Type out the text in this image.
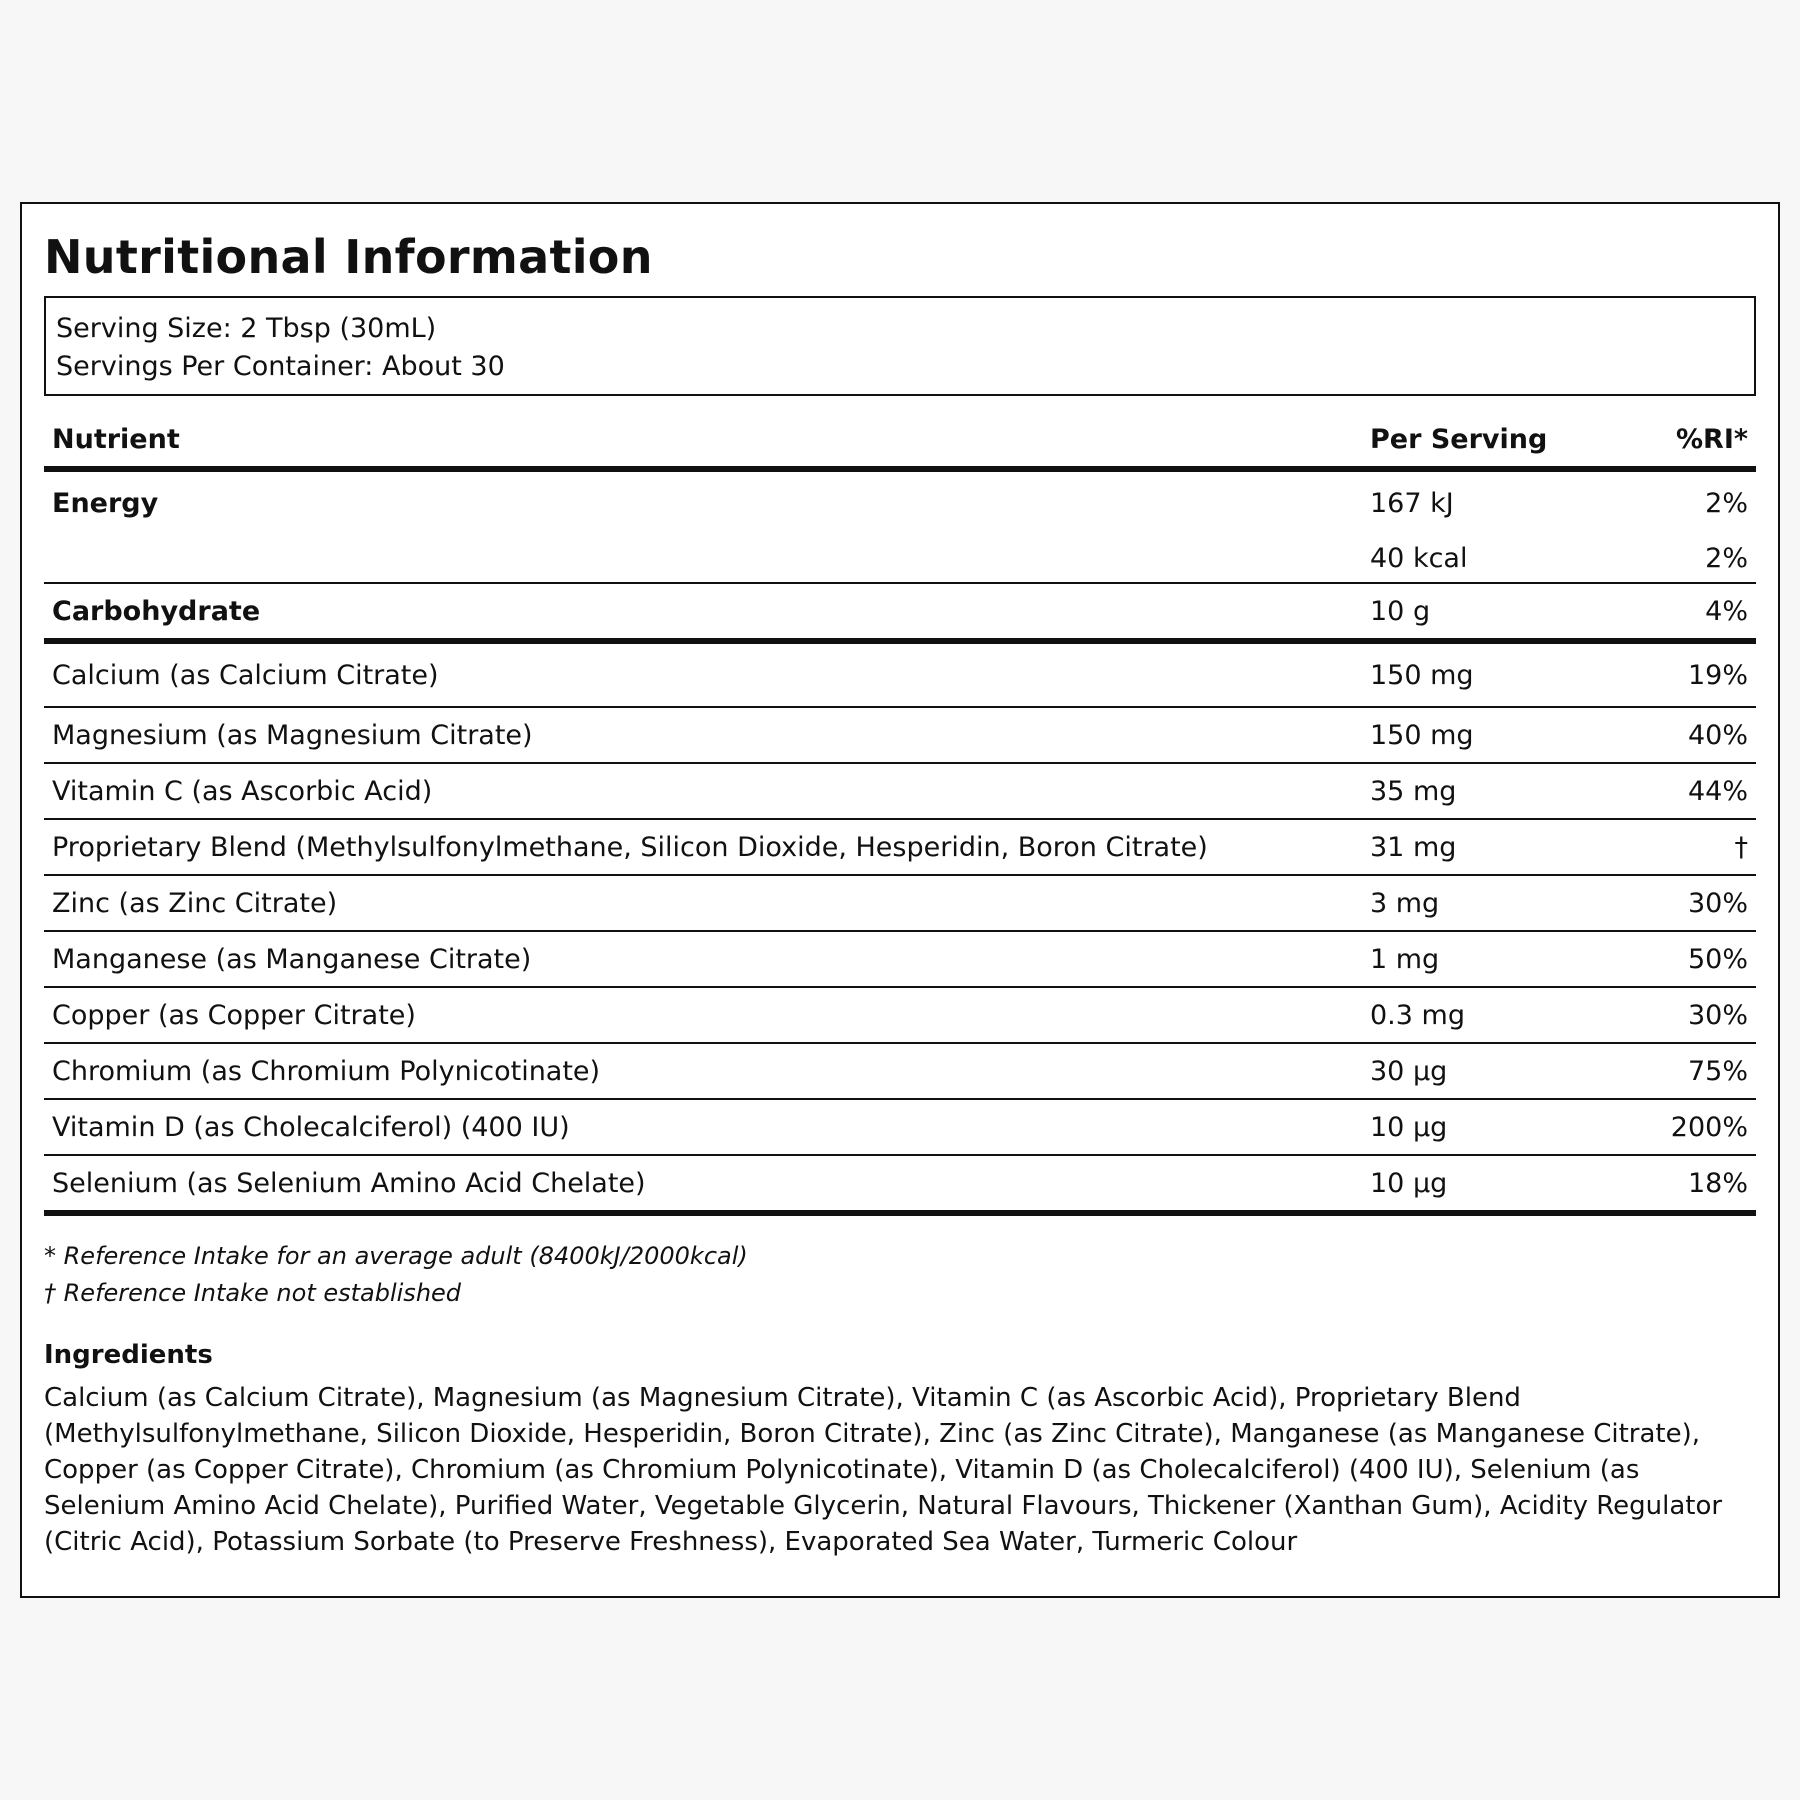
Nutritional Information
Serving Size: 2 Tbsp (30mL)
Servings Per Container: About 30
Nutrient	Per Serving	%RI*
Energy	167 kJ	2%
	40 kcal	2%
Carbohydrate	10 g	4%
Calcium (as Calcium Citrate)	150 mg	19%
Magnesium (as Magnesium Citrate)	150 mg	40%
Vitamin C (as Ascorbic Acid)	35 mg	44%
Proprietary Blend (Methylsulfonylmethane, Silicon Dioxide, Hesperidin, Boron Citrate)	31 mg	†
Zinc (as Zinc Citrate)	3 mg	30%
Manganese (as Manganese Citrate)	1 mg	50%
Copper (as Copper Citrate)	0.3 mg	30%
Chromium (as Chromium Polynicotinate)	30 μg	75%
Vitamin D (as Cholecalciferol) (400 IU)	10 μg	200%
Selenium (as Selenium Amino Acid Chelate)	10 μg	18%
* Reference Intake for an average adult (8400kJ/2000kcal)
† Reference Intake not established
Ingredients
Calcium (as Calcium Citrate), Magnesium (as Magnesium Citrate), Vitamin C (as Ascorbic Acid), Proprietary Blend (Methylsulfonylmethane, Silicon Dioxide, Hesperidin, Boron Citrate), Zinc (as Zinc Citrate), Manganese (as Manganese Citrate), Copper (as Copper Citrate), Chromium (as Chromium Polynicotinate), Vitamin D (as Cholecalciferol) (400 IU), Selenium (as Selenium Amino Acid Chelate), Purified Water, Vegetable Glycerin, Natural Flavours, Thickener (Xanthan Gum), Acidity Regulator (Citric Acid), Potassium Sorbate (to Preserve Freshness), Evaporated Sea Water, Turmeric Colour
